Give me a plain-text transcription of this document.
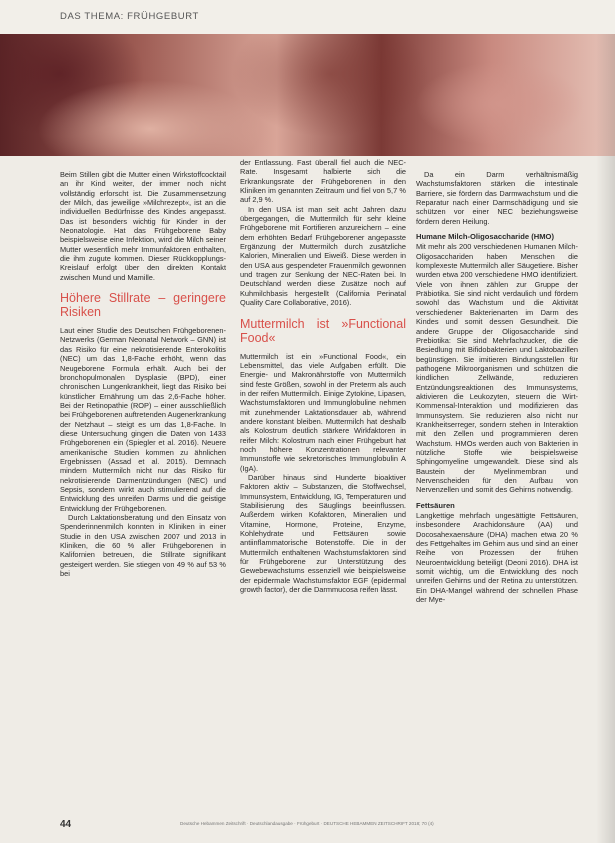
DAS THEMA: FRÜHGEBURT

Beim Stillen gibt die Mutter einen Wirkstoffcocktail an ihr Kind weiter, der immer noch nicht vollständig erforscht ist. Die Zusammensetzung der Milch, das jeweilige »Milchrezept«, ist an die individuellen Bedürfnisse des Kindes angepasst. Das ist besonders wichtig für Kinder in der Neonatologie. Hat das Frühgeborene Baby beispielsweise eine Infektion, wird die Milch seiner Mutter wesentlich mehr Immunfaktoren enthalten, die ihm zugute kommen. Dieser Rückkopplungs-Kreislauf erfolgt über den direkten Kontakt zwischen Mund und Mamille.

Höhere Stillrate – geringere Risiken

Laut einer Studie des Deutschen Frühgeborenen-Netzwerks (German Neonatal Network – GNN) ist das Risiko für eine nekrotisierende Enterokolitis (NEC) um das 1,8-Fache erhöht, wenn das Neugeborene Formula erhält. Auch bei der bronchopulmonalen Dysplasie (BPD), einer chronischen Lungenkrankheit, liegt das Risiko bei künstlicher Ernährung um das 2,6-Fache höher. Bei der Retinopathie (ROP) – einer ausschließlich bei Frühgeborenen auftretenden Augenerkrankung der Netzhaut – steigt es um das 1,8-Fache. In diese Untersuchung gingen die Daten von 1433 Frühgeborenen ein (Spiegler et al. 2016). Neuere amerikanische Studien kommen zu ähnlichen Ergebnissen (Assad et al. 2015). Demnach mindern Muttermilch nicht nur das Risiko für nekrotisierende Darmentzündungen (NEC) und Sepsis, sondern wirkt auch stimulierend auf die Entwicklung des unreifen Darms und die geistige Entwicklung der Frühgeborenen.

Durch Laktationsberatung und den Einsatz von Spenderinnenmilch konnten in Kliniken in einer Studie in den USA zwischen 2007 und 2013 in Kliniken, die 60 % aller Frühgeborenen in Kalifornien betreuen, die Stillrate signifikant gesteigert werden. Sie stiegen von 49 % auf 53 % bei

der Entlassung. Fast überall fiel auch die NEC-Rate. Insgesamt halbierte sich die Erkrankungsrate der Frühgeborenen in den Kliniken im genannten Zeitraum und fiel von 5,7 % auf 2,9 %.

In den USA ist man seit acht Jahren dazu übergegangen, die Muttermilch für sehr kleine Frühgeborene mit Fortifieren anzureichern – eine dem erhöhten Bedarf Frühgeborener angepasste Ergänzung der Muttermilch durch zusätzliche Kalorien, Mineralien und Eiweiß. Diese werden in den USA aus gespendeter Frauenmilch gewonnen und tragen zur Senkung der NEC-Raten bei. In Deutschland werden diese Zusätze noch auf Kuhmilchbasis hergestellt (California Perinatal Quality Care Collaborative, 2016).

Muttermilch ist »Functional Food«

Muttermilch ist ein »Functional Food«, ein Lebensmittel, das viele Aufgaben erfüllt. Die Energie- und Makronährstoffe von Muttermilch sind feste Größen, sowohl in der Preterm als auch in der reifen Muttermilch. Einige Zytokine, Lipasen, Wachstumsfaktoren und Immunglobuline nehmen mit zunehmender Laktationsdauer ab, während andere konstant bleiben. Muttermilch hat deshalb als Kolostrum deutlich stärkere Wirkfaktoren in reifer Milch: Kolostrum nach einer Frühgeburt hat noch höhere Konzentrationen relevanter Immunstoffe wie sekretorisches Immunglobulin A (IgA).

Darüber hinaus sind Hunderte bioaktiver Faktoren aktiv – Substanzen, die Stoffwechsel, Immunsystem, Entwicklung, IG, Temperaturen und Stabilisierung des Säuglings beeinflussen. Außerdem wirken Kofaktoren, Mineralien und Vitamine, Hormone, Proteine, Enzyme, Kohlehydrate und Fettsäuren sowie antiinflammatorische Botenstoffe. Die in der Muttermilch enthaltenen Wachstumsfaktoren sind für Frühgeborene zur Unterstützung des Gewebewachstums essenziell wie beispielsweise der epidermale Wachstumsfaktor EGF (epidermal growth factor), der die Darmmucosa reifen lässt.

Da ein Darm verhältnismäßig Wachstumsfaktoren stärken die intestinale Barriere, sie fördern das Darmwachstum und die Reparatur nach einer Darmschädigung und sie schützen vor einer NEC beziehungsweise fördern deren Heilung.

Humane Milch-Oligosaccharide (HMO)

Mit mehr als 200 verschiedenen Humanen Milch-Oligosacchariden haben Menschen die komplexeste Muttermilch aller Säugetiere. Bisher wurden etwa 200 verschiedene HMO identifiziert. Viele von ihnen zählen zur Gruppe der Präbiotika. Sie sind nicht verdaulich und fördern sowohl das Wachstum und die Aktivität verschiedener Bakterienarten im Darm des Kindes und somit dessen Gesundheit. Die andere Gruppe der Oligosaccharide sind Prebiotika: Sie sind Mehrfachzucker, die die Besiedlung mit Bifidobakterien und Laktobazillen begünstigen. Sie imitieren Bindungsstellen für pathogene Mikroorganismen und schützen die kindlichen Zellwände, reduzieren Entzündungsreaktionen des Immunsystems, aktivieren die Leukozyten, steuern die Wirt-Kommensal-Interaktion und modifizieren das Immunsystem. Sie reduzieren also nicht nur Krankheitserreger, sondern stehen in Interaktion mit den Zellen und programmieren deren Wachstum. HMOs werden auch von Bakterien in nützliche Stoffe wie beispielsweise Sphingomyeline umgewandelt. Diese sind als Baustein der Myelinmembran und Nervenscheiden für den Aufbau von Nervenzellen und somit des Gehirns notwendig.

Fettsäuren

Langkettige mehrfach ungesättigte Fettsäuren, insbesondere Arachidonsäure (AA) und Docosahexaensäure (DHA) machen etwa 20 % des Fettgehaltes im Gehirn aus und sind an einer Reihe von Prozessen der frühen Neuroentwicklung beteiligt (Deoni 2016). DHA ist somit wichtig, um die Entwicklung des noch unreifen Gehirns und der Retina zu unterstützen. Ein DHA-Mangel während der schnellen Phase der Mye-

44	Deutsche Hebammen Zeitschrift · Deutschlandausgabe · Frühgeburt · DEUTSCHE HEBAMMEN ZEITSCHRIFT 2018; 70 (4)
